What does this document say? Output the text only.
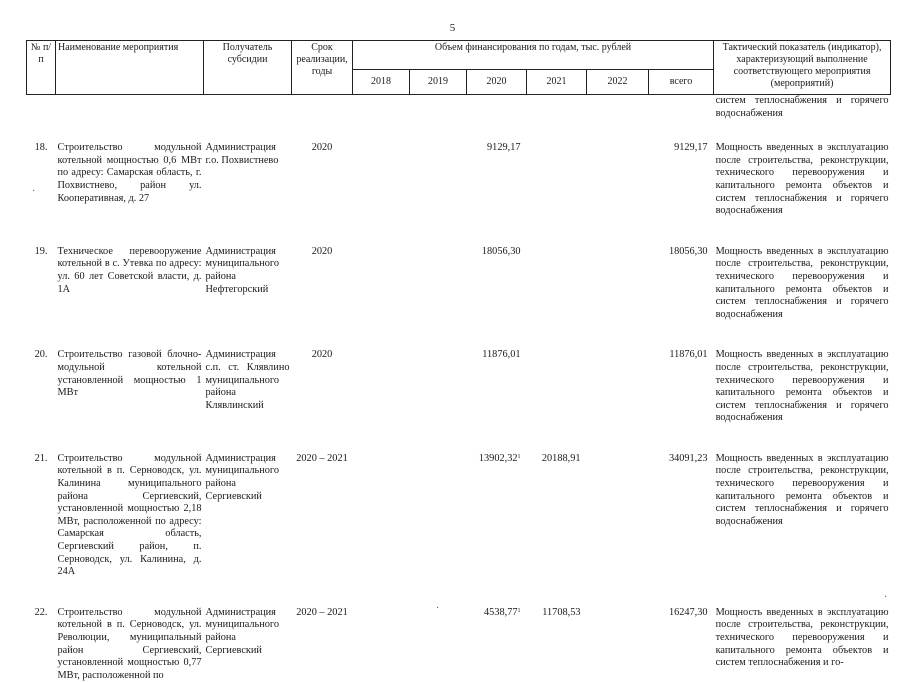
5
№ п/п	Наименование мероприятия	Получатель субсидии	Срок реализации, годы	Объем финансирования по годам, тыс. рублей						Тактический показатель (индикатор), характеризующий выполнение соответствующего мероприятия (мероприятий)
				2018	2019	2020	2021	2022	всего	
										систем теплоснабжения и горячего водоснабжения
18.	Строительство модульной котельной мощностью 0,6 МВт по адресу: Самарская область, г. Похвистнево, район ул. Кооперативная, д. 27	Администрация г.о. Похвистнево	2020			9129,17			9129,17	Мощность введенных в эксплуатацию после строительства, реконструкции, технического перевооружения и капитального ремонта объектов и систем теплоснабжения и горячего водоснабжения
19.	Техническое перевооружение котельной в с. Утевка по адресу: ул. 60 лет Советской власти, д. 1А	Администрация муниципального района Нефтегорский	2020			18056,30			18056,30	Мощность введенных в эксплуатацию после строительства, реконструкции, технического перевооружения и капитального ремонта объектов и систем теплоснабжения и горячего водоснабжения
20.	Строительство газовой блочно-модульной котельной установленной мощностью 1 МВт	Администрация с.п. ст. Клявлино муниципального района Клявлинский	2020			11876,01			11876,01	Мощность введенных в эксплуатацию после строительства, реконструкции, технического перевооружения и капитального ремонта объектов и систем теплоснабжения и горячего водоснабжения
21.	Строительство модульной котельной в п. Серноводск, ул. Калинина муниципального района Сергиевский, установленной мощностью 2,18 МВт, расположенной по адресу: Самарская область, Сергиевский район, п. Серноводск, ул. Калинина, д. 24А	Администрация муниципального района Сергиевский	2020 – 2021			13902,32$^1$	20188,91		34091,23	Мощность введенных в эксплуатацию после строительства, реконструкции, технического перевооружения и капитального ремонта объектов и систем теплоснабжения и горячего водоснабжения
22.	Строительство модульной котельной в п. Серноводск, ул. Революции, муниципальный район Сергиевский, установленной мощностью 0,77 МВт, расположенной по	Администрация муниципального района Сергиевский	2020 – 2021			4538,77$^1$	11708,53		16247,30	Мощность введенных в эксплуатацию после строительства, реконструкции, технического перевооружения и капитального ремонта объектов и систем теплоснабжения и го-
·
·
·
